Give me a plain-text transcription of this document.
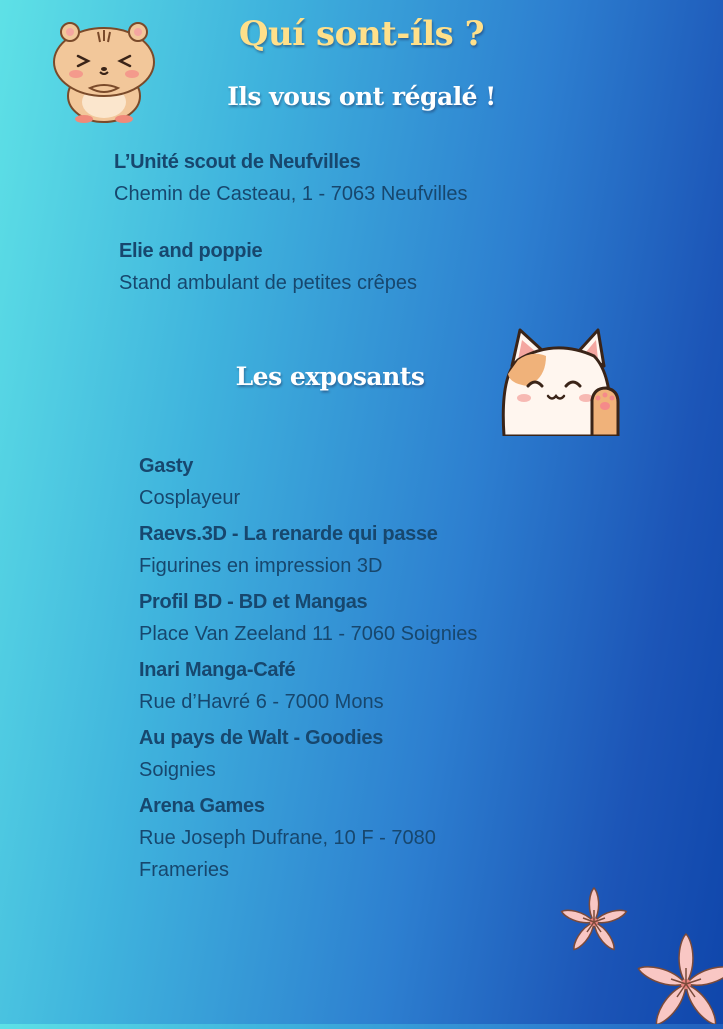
Quí sont-íls ?
Ils vous ont régalé !
L’Unité scout de Neufvilles
Chemin de Casteau, 1 - 7063 Neufvilles
Elie and poppie
Stand ambulant de petites crêpes
Les exposants
Gasty
Cosplayeur
Raevs.3D - La renarde qui passe
Figurines en impression 3D
Profil BD - BD et Mangas
Place Van Zeeland 11 - 7060 Soignies
Inari Manga-Café
Rue d’Havré 6 - 7000 Mons
Au pays de Walt - Goodies
Soignies
Arena Games
Rue Joseph Dufrane, 10 F - 7080 Frameries
